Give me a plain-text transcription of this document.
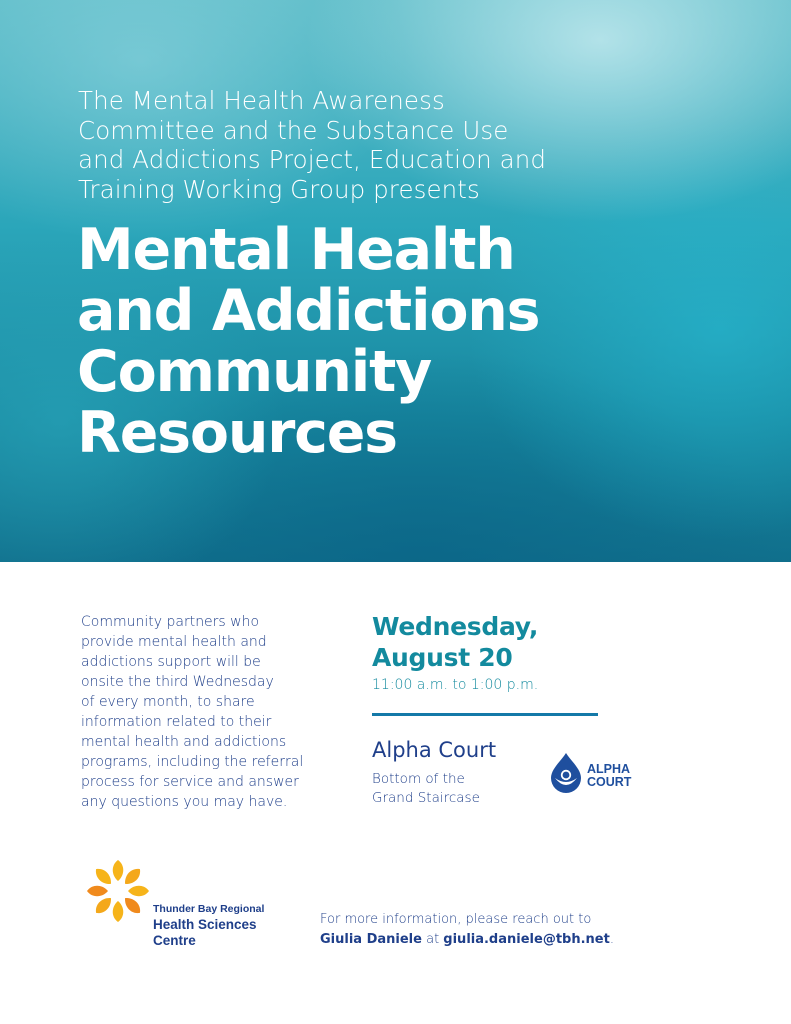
The Mental Health Awareness
Committee and the Substance Use
and Addictions Project, Education and
Training Working Group presents
Mental Health
and Addictions
Community
Resources
Community partners who
provide mental health and
addictions support will be
onsite the third Wednesday
of every month, to share
information related to their
mental health and addictions
programs, including the referral
process for service and answer
any questions you may have.
Wednesday,
August 20
11:00 a.m. to 1:00 p.m.
Alpha Court
Bottom of the
Grand Staircase
ALPHA
COURT
Thunder Bay Regional
Health Sciences
Centre
For more information, please reach out to
Giulia Daniele at giulia.daniele@tbh.net.
